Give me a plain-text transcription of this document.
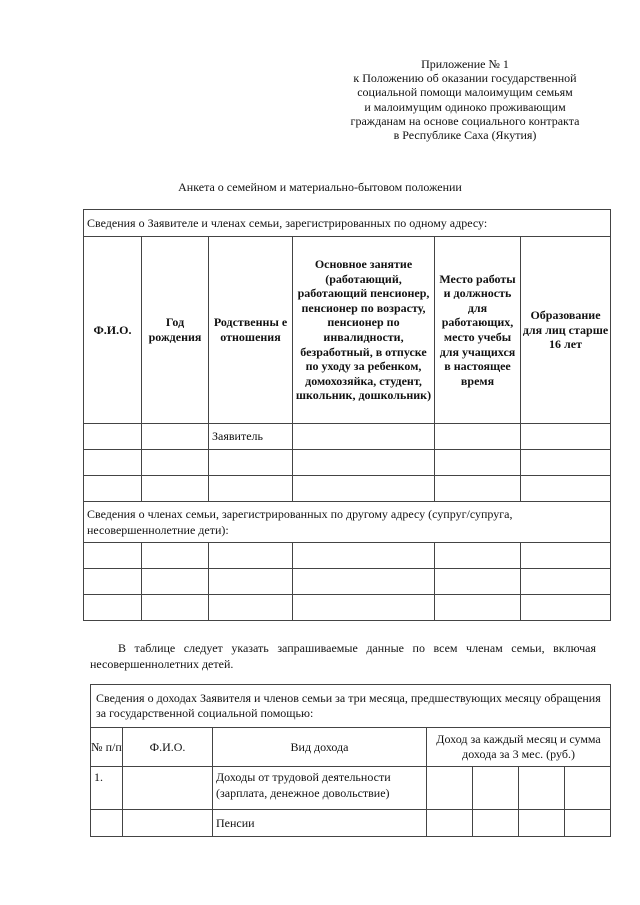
Приложение № 1
к Положению об оказании государственной
социальной помощи малоимущим семьям
и малоимущим одиноко проживающим
гражданам на основе социального контракта
в Республике Саха (Якутия)
Анкета о семейном и материально-бытовом положении
Сведения о Заявителе и членах семьи, зарегистрированных по одному адресу:					
Ф.И.О.	Год рождения	Родственны е отношения	Основное занятие (работающий, работающий пенсионер, пенсионер по возрасту, пенсионер по инвалидности, безработный, в отпуске по уходу за ребенком, домохозяйка, студент, школьник, дошкольник)	Место работы и должность для работающих, место учебы для учащихся в настоящее время	Образование для лиц старше 16 лет
		Заявитель			

Сведения о членах семьи, зарегистрированных по другому адресу (супруг/супруга, несовершеннолетние дети):					

В таблице следует указать запрашиваемые данные по всем членам семьи, включая несовершеннолетних детей.
Сведения о доходах Заявителя и членов семьи за три месяца, предшествующих месяцу обращения за государственной социальной помощью:						
№ п/п	Ф.И.О.	Вид дохода	Доход за каждый месяц и сумма дохода за 3 мес. (руб.)			
1.		Доходы от трудовой деятельности (зарплата, денежное довольствие)				
		Пенсии				
